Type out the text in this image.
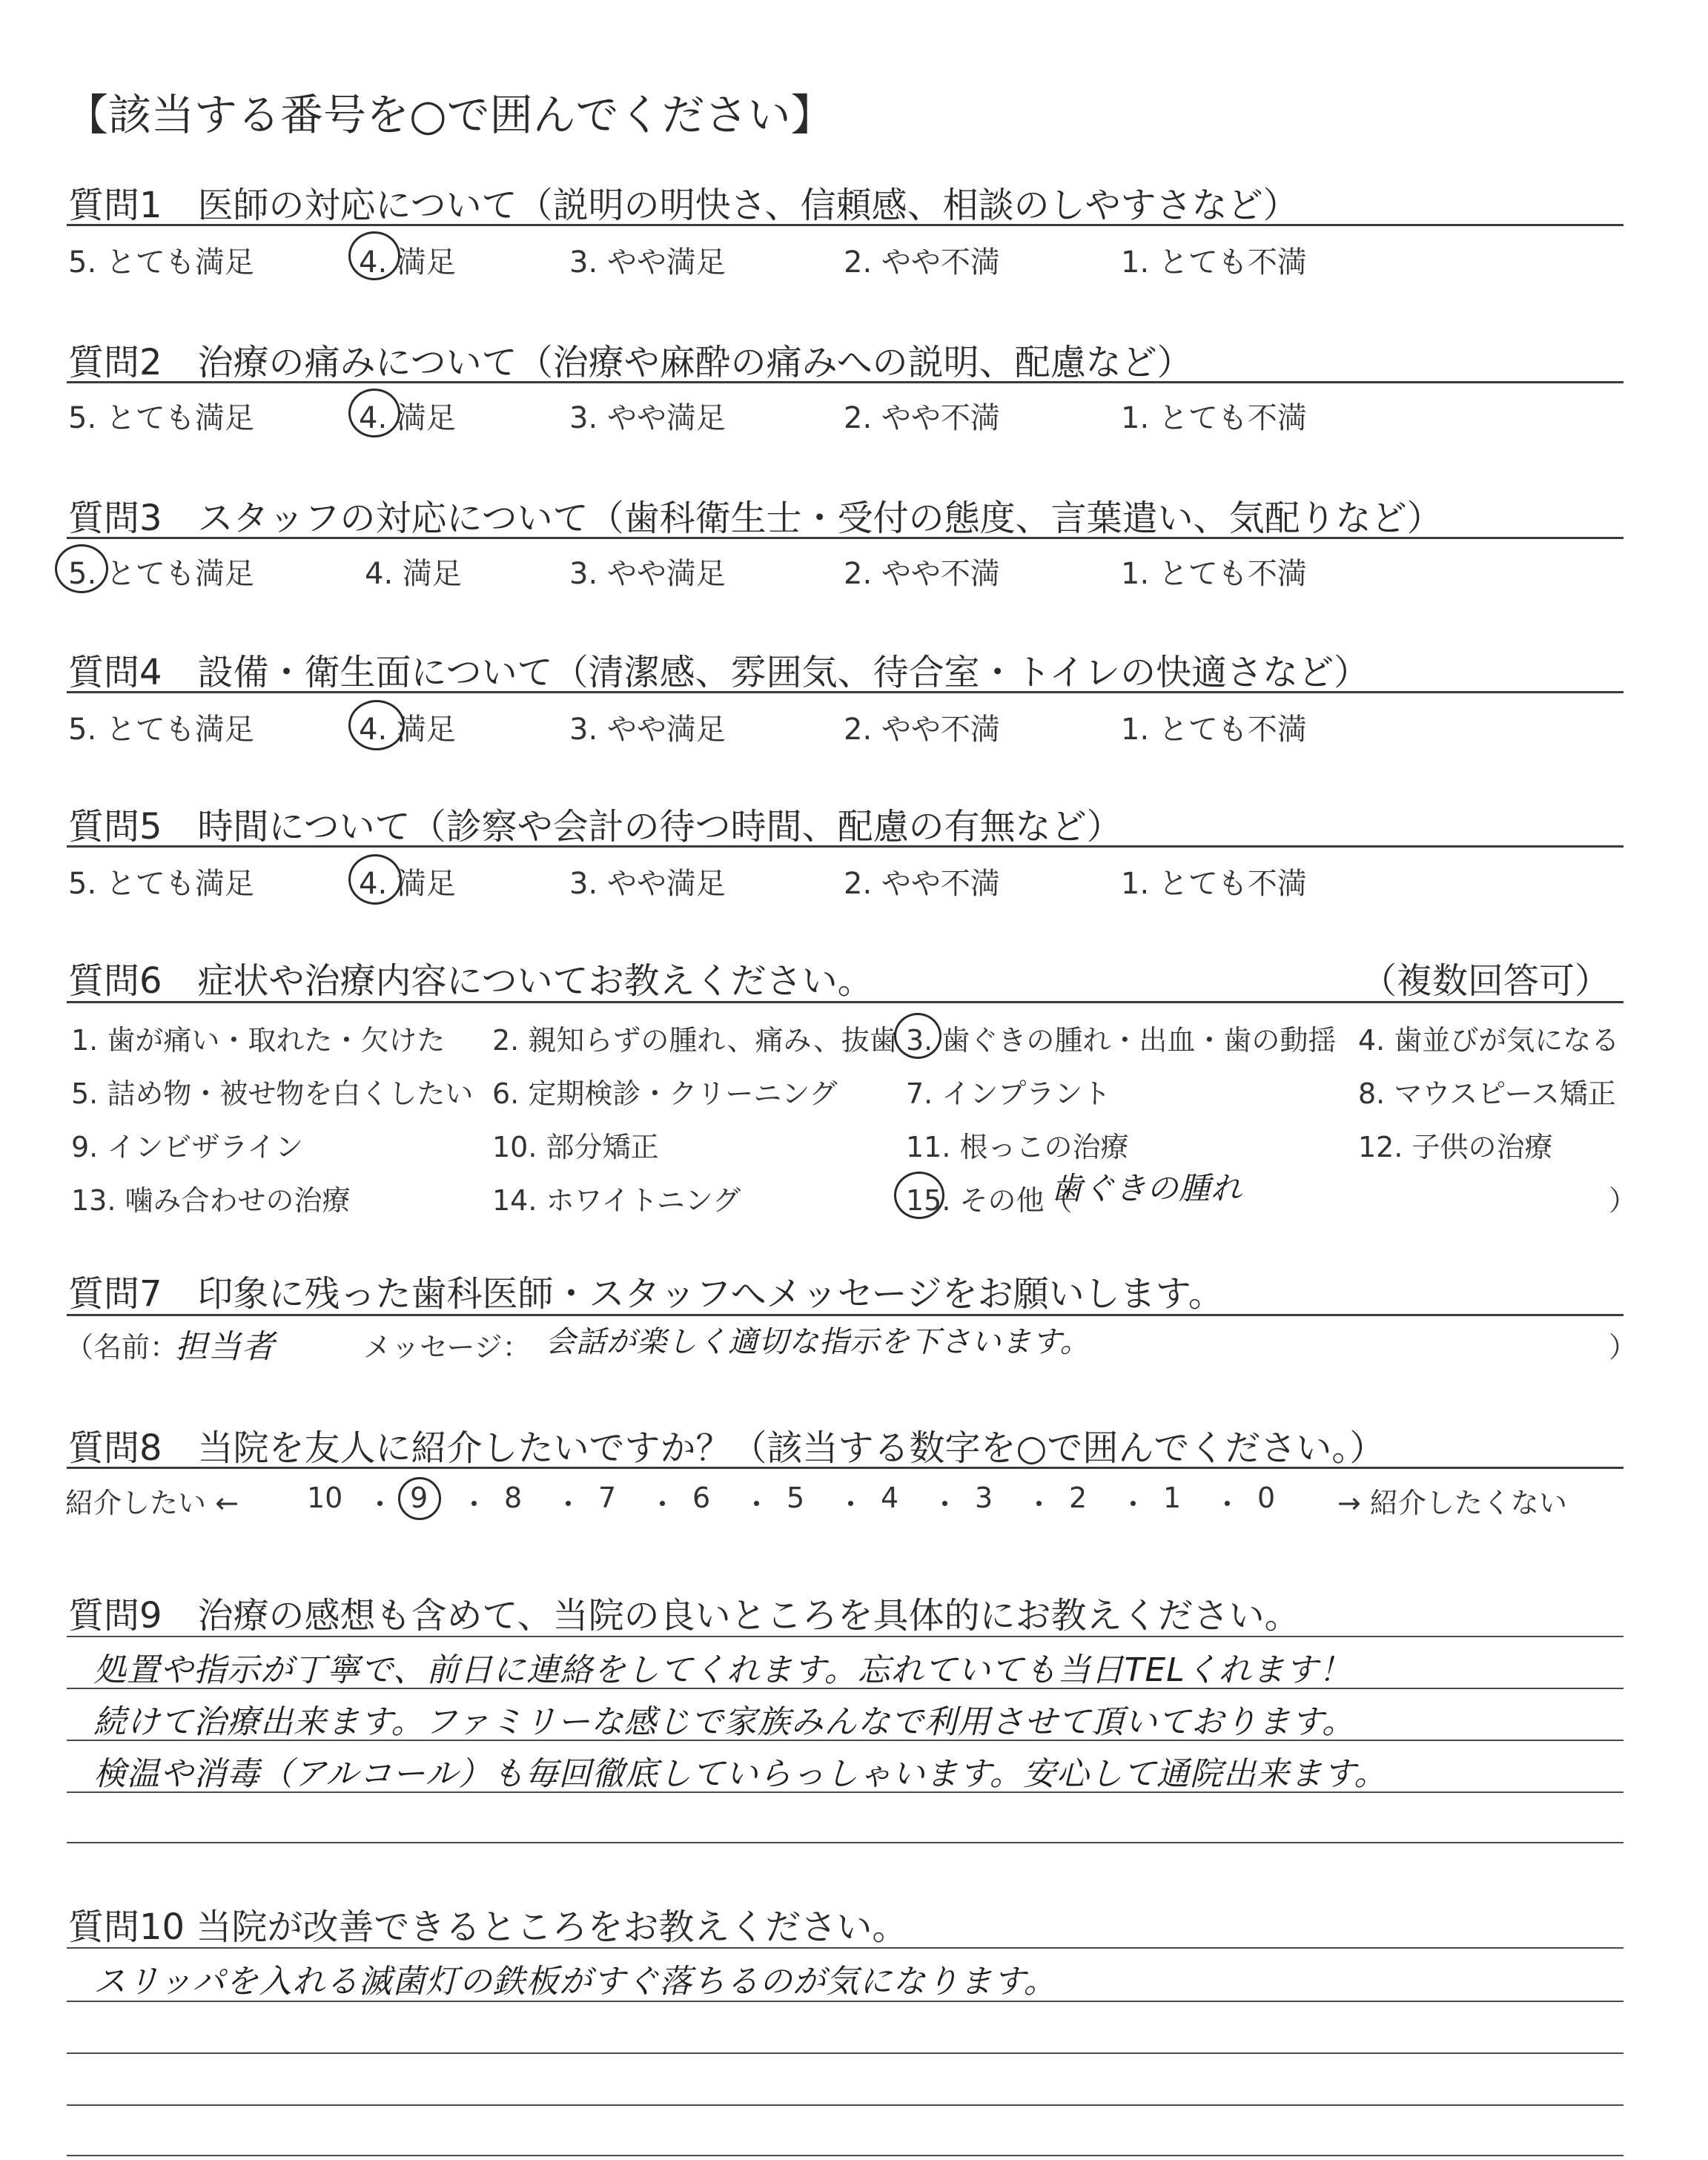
【該当する番号を○で囲んでください】
質問1　医師の対応について（説明の明快さ、信頼感、相談のしやすさなど）
5. とても満足	4. 満足	3. やや満足	2. やや不満	1. とても不満
質問2　治療の痛みについて（治療や麻酔の痛みへの説明、配慮など）
5. とても満足	4. 満足	3. やや満足	2. やや不満	1. とても不満
質問3　スタッフの対応について（歯科衛生士・受付の態度、言葉遣い、気配りなど）
5. とても満足	4. 満足	3. やや満足	2. やや不満	1. とても不満
質問4　設備・衛生面について（清潔感、雰囲気、待合室・トイレの快適さなど）
5. とても満足	4. 満足	3. やや満足	2. やや不満	1. とても不満
質問5　時間について（診察や会計の待つ時間、配慮の有無など）
5. とても満足	4. 満足	3. やや満足	2. やや不満	1. とても不満
質問6　症状や治療内容についてお教えください。	（複数回答可）
1. 歯が痛い・取れた・欠けた 2. 親知らずの腫れ、痛み、抜歯 3. 歯ぐきの腫れ・出血・歯の動揺 4. 歯並びが気になる
5. 詰め物・被せ物を白くしたい 6. 定期検診・クリーニング 7. インプラント	8. マウスピース矯正
9. インビザライン	10. 部分矯正	11. 根っこの治療	12. 子供の治療
13. 噛み合わせの治療	14. ホワイトニング	15. その他（
歯ぐきの腫れ	）
質問7　印象に残った歯科医師・スタッフへメッセージをお願いします。
（名前：
担当者	メッセージ： 会話が楽しく適切な指示を下さいます。	）
質問8　当院を友人に紹介したいですか？（該当する数字を○で囲んでください。）
紹介したい ←	→ 紹介したくない
10 ・ 9 ・ 8 ・ 7 ・ 6 ・ 5 ・ 4 ・ 3 ・ 2 ・ 1 ・ 0
質問9　治療の感想も含めて、当院の良いところを具体的にお教えください。
処置や指示が丁寧で、前日に連絡をしてくれます。忘れていても当日TELくれます！
続けて治療出来ます。ファミリーな感じで家族みんなで利用させて頂いております。
検温や消毒（アルコール）も毎回徹底していらっしゃいます。安心して通院出来ます。
質問10 当院が改善できるところをお教えください。
スリッパを入れる滅菌灯の鉄板がすぐ落ちるのが気になります。
